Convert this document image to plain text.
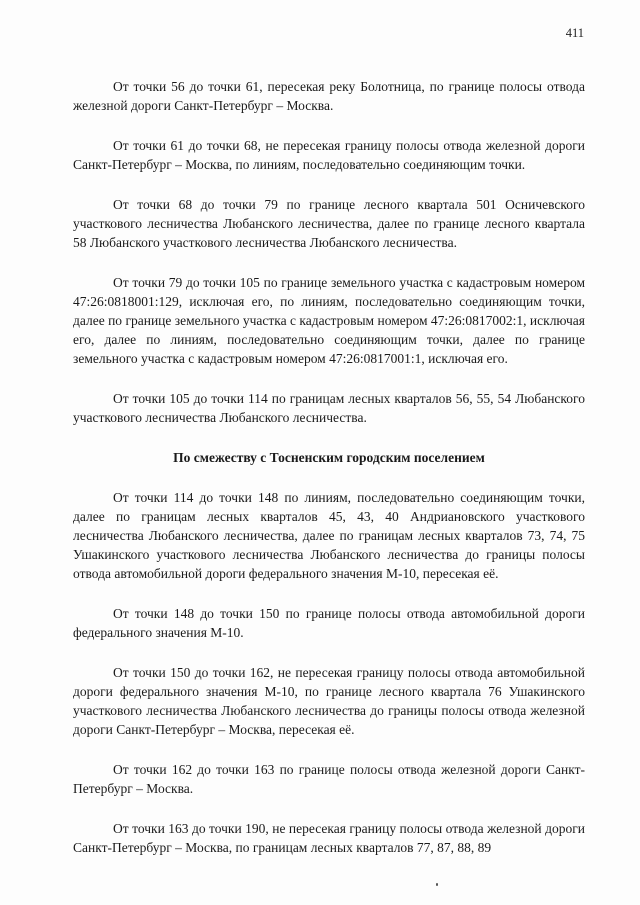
411

От точки 56 до точки 61, пересекая реку Болотница, по границе полосы отвода железной дороги Санкт-Петербург – Москва.

От точки 61 до точки 68, не пересекая границу полосы отвода железной дороги Санкт-Петербург – Москва, по линиям, последовательно соединяющим точки.

От точки 68 до точки 79 по границе лесного квартала 501 Осничевского участкового лесничества Любанского лесничества, далее по границе лесного квартала 58 Любанского участкового лесничества Любанского лесничества.

От точки 79 до точки 105 по границе земельного участка с кадастровым номером 47:26:0818001:129, исключая его, по линиям, последовательно соединяющим точки, далее по границе земельного участка с кадастровым номером 47:26:0817002:1, исключая его, далее по линиям, последовательно соединяющим точки, далее по границе земельного участка с кадастровым номером 47:26:0817001:1, исключая его.

От точки 105 до точки 114 по границам лесных кварталов 56, 55, 54 Любанского участкового лесничества Любанского лесничества.

По смежеству с Тосненским городским поселением

От точки 114 до точки 148 по линиям, последовательно соединяющим точки, далее по границам лесных кварталов 45, 43, 40 Андриановского участкового лесничества Любанского лесничества, далее по границам лесных кварталов 73, 74, 75 Ушакинского участкового лесничества Любанского лесничества до границы полосы отвода автомобильной дороги федерального значения М-10, пересекая её.

От точки 148 до точки 150 по границе полосы отвода автомобильной дороги федерального значения М-10.

От точки 150 до точки 162, не пересекая границу полосы отвода автомобильной дороги федерального значения М-10, по границе лесного квартала 76 Ушакинского участкового лесничества Любанского лесничества до границы полосы отвода железной дороги Санкт-Петербург – Москва, пересекая её.

От точки 162 до точки 163 по границе полосы отвода железной дороги Санкт-Петербург – Москва.

От точки 163 до точки 190, не пересекая границу полосы отвода железной дороги Санкт-Петербург – Москва, по границам лесных кварталов 77, 87, 88, 89
